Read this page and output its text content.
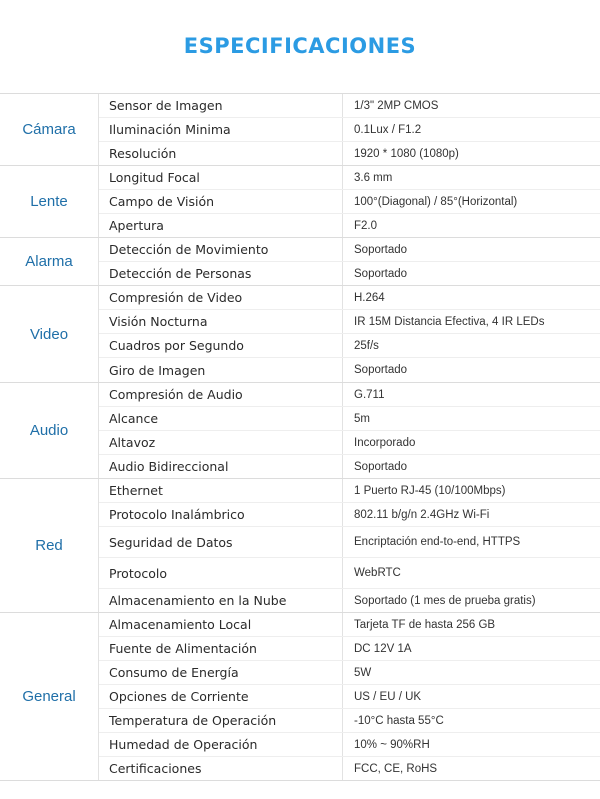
ESPECIFICACIONES
Cámara
Sensor de Imagen	1/3" 2MP CMOS
Iluminación Minima	0.1Lux / F1.2
Resolución	1920 * 1080 (1080p)
Lente
Longitud Focal	3.6 mm
Campo de Visión	100°(Diagonal) / 85°(Horizontal)
Apertura	F2.0
Alarma
Detección de Movimiento	Soportado
Detección de Personas	Soportado
Video
Compresión de Video	H.264
Visión Nocturna	IR 15M Distancia Efectiva, 4 IR LEDs
Cuadros por Segundo	25f/s
Giro de Imagen	Soportado
Audio
Compresión de Audio	G.711
Alcance	5m
Altavoz	Incorporado
Audio Bidireccional	Soportado
Red
Ethernet	1 Puerto RJ-45 (10/100Mbps)
Protocolo Inalámbrico	802.11 b/g/n 2.4GHz Wi-Fi
Seguridad de Datos	Encriptación end-to-end, HTTPS
Protocolo	WebRTC
Almacenamiento en la Nube	Soportado (1 mes de prueba gratis)
General
Almacenamiento Local	Tarjeta TF de hasta 256 GB
Fuente de Alimentación	DC 12V 1A
Consumo de Energía	5W
Opciones de Corriente	US / EU / UK
Temperatura de Operación	-10°C hasta 55°C
Humedad de Operación	10% ~ 90%RH
Certificaciones	FCC, CE, RoHS
